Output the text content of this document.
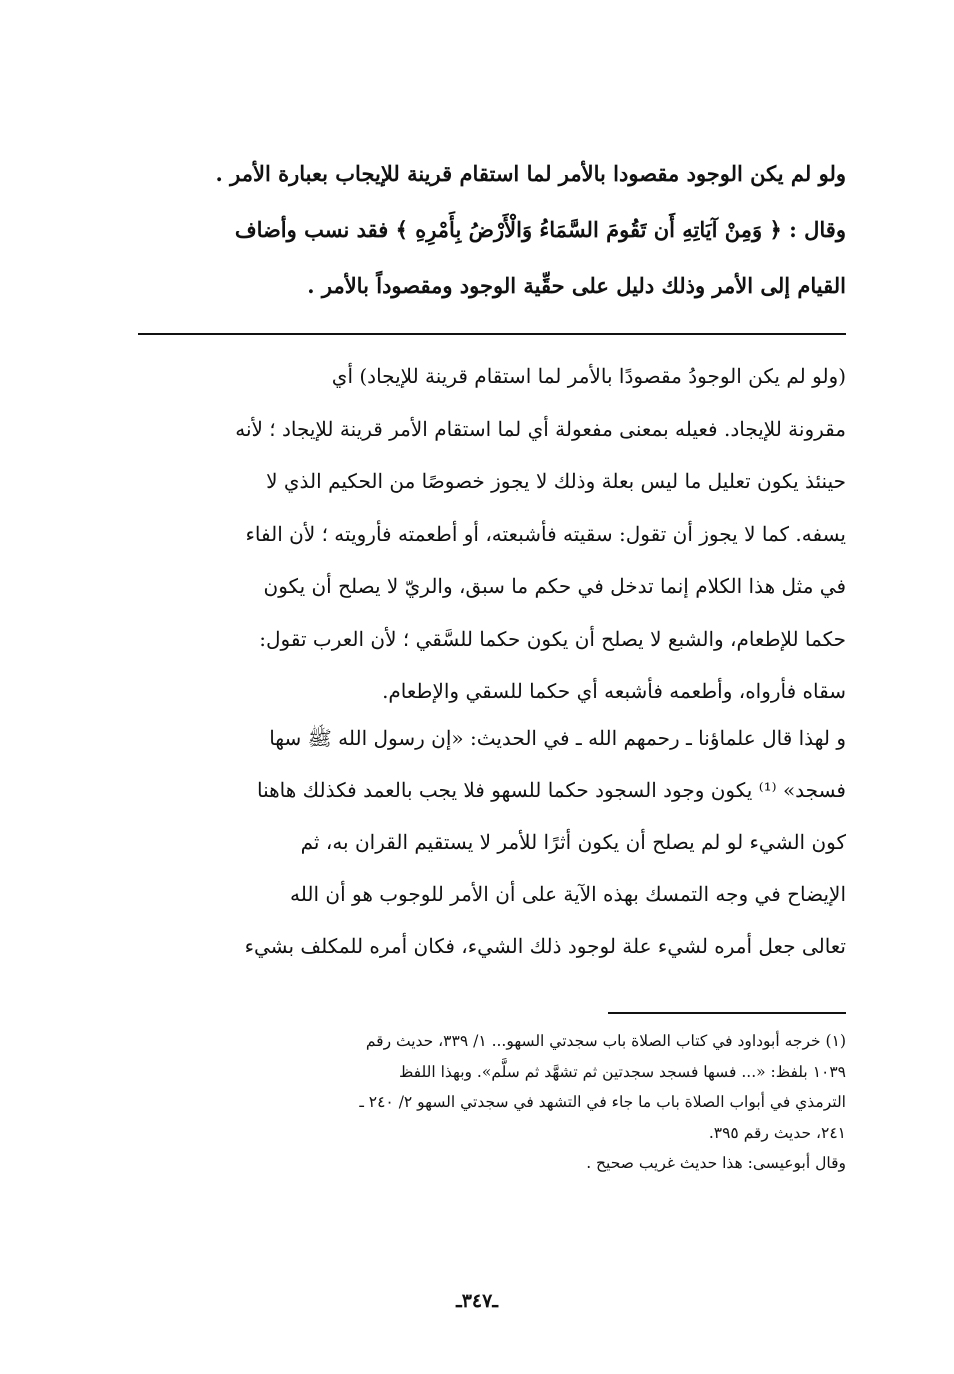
ولو لم يكن الوجود مقصودا بالأمر لما استقام قرينة للإيجاب بعبارة الأمر .
وقال : ﴿ وَمِنْ آيَاتِهِ أَن تَقُومَ السَّمَاءُ وَالْأَرْضُ بِأَمْرِهِ ﴾ فقد نسب وأضاف
القيام إلى الأمر وذلك دليل على حقِّية الوجود ومقصوداً بالأمر .
(ولو لم يكن الوجودُ مقصودًا بالأمر لما استقام قرينة للإيجاد) أي
مقرونة للإيجاد. فعيله بمعنى مفعولة أي لما استقام الأمر قرينة للإيجاد ؛ لأنه
حينئذ يكون تعليل ما ليس بعلة وذلك لا يجوز خصوصًا من الحكيم الذي لا
يسفه. كما لا يجوز أن تقول: سقيته فأشبعته، أو أطعمته فأرويته ؛ لأن الفاء
في مثل هذا الكلام إنما تدخل في حكم ما سبق، والريّ لا يصلح أن يكون
حكما للإطعام، والشبع لا يصلح أن يكون حكما للسَّقي ؛ لأن العرب تقول:
سقاه فأرواه، وأطعمه فأشبعه أي حكما للسقي والإطعام.
و لهذا قال علماؤنا ـ رحمهم الله ـ في الحديث: «إن رسول الله ﷺ سها
فسجد» ⁽¹⁾ يكون وجود السجود حكما للسهو فلا يجب بالعمد فكذلك هاهنا
كون الشيء لو لم يصلح أن يكون أثرًا للأمر لا يستقيم القران به، ثم
الإيضاح في وجه التمسك بهذه الآية على أن الأمر للوجوب هو أن الله
تعالى جعل أمره لشيء علة لوجود ذلك الشيء، فكان أمره للمكلف بشيء
(١) خرجه أبوداود في كتاب الصلاة باب سجدتي السهو... ١/ ٣٣٩، حديث رقم
١٠٣٩ بلفظ: «... فسها فسجد سجدتين ثم تشهَّد ثم سلَّم». وبهذا اللفظ
الترمذي في أبواب الصلاة باب ما جاء في التشهد في سجدتي السهو ٢/ ٢٤٠ ـ
٢٤١، حديث رقم ٣٩٥.
وقال أبوعيسى: هذا حديث غريب صحيح .
ـ٣٤٧ـ
